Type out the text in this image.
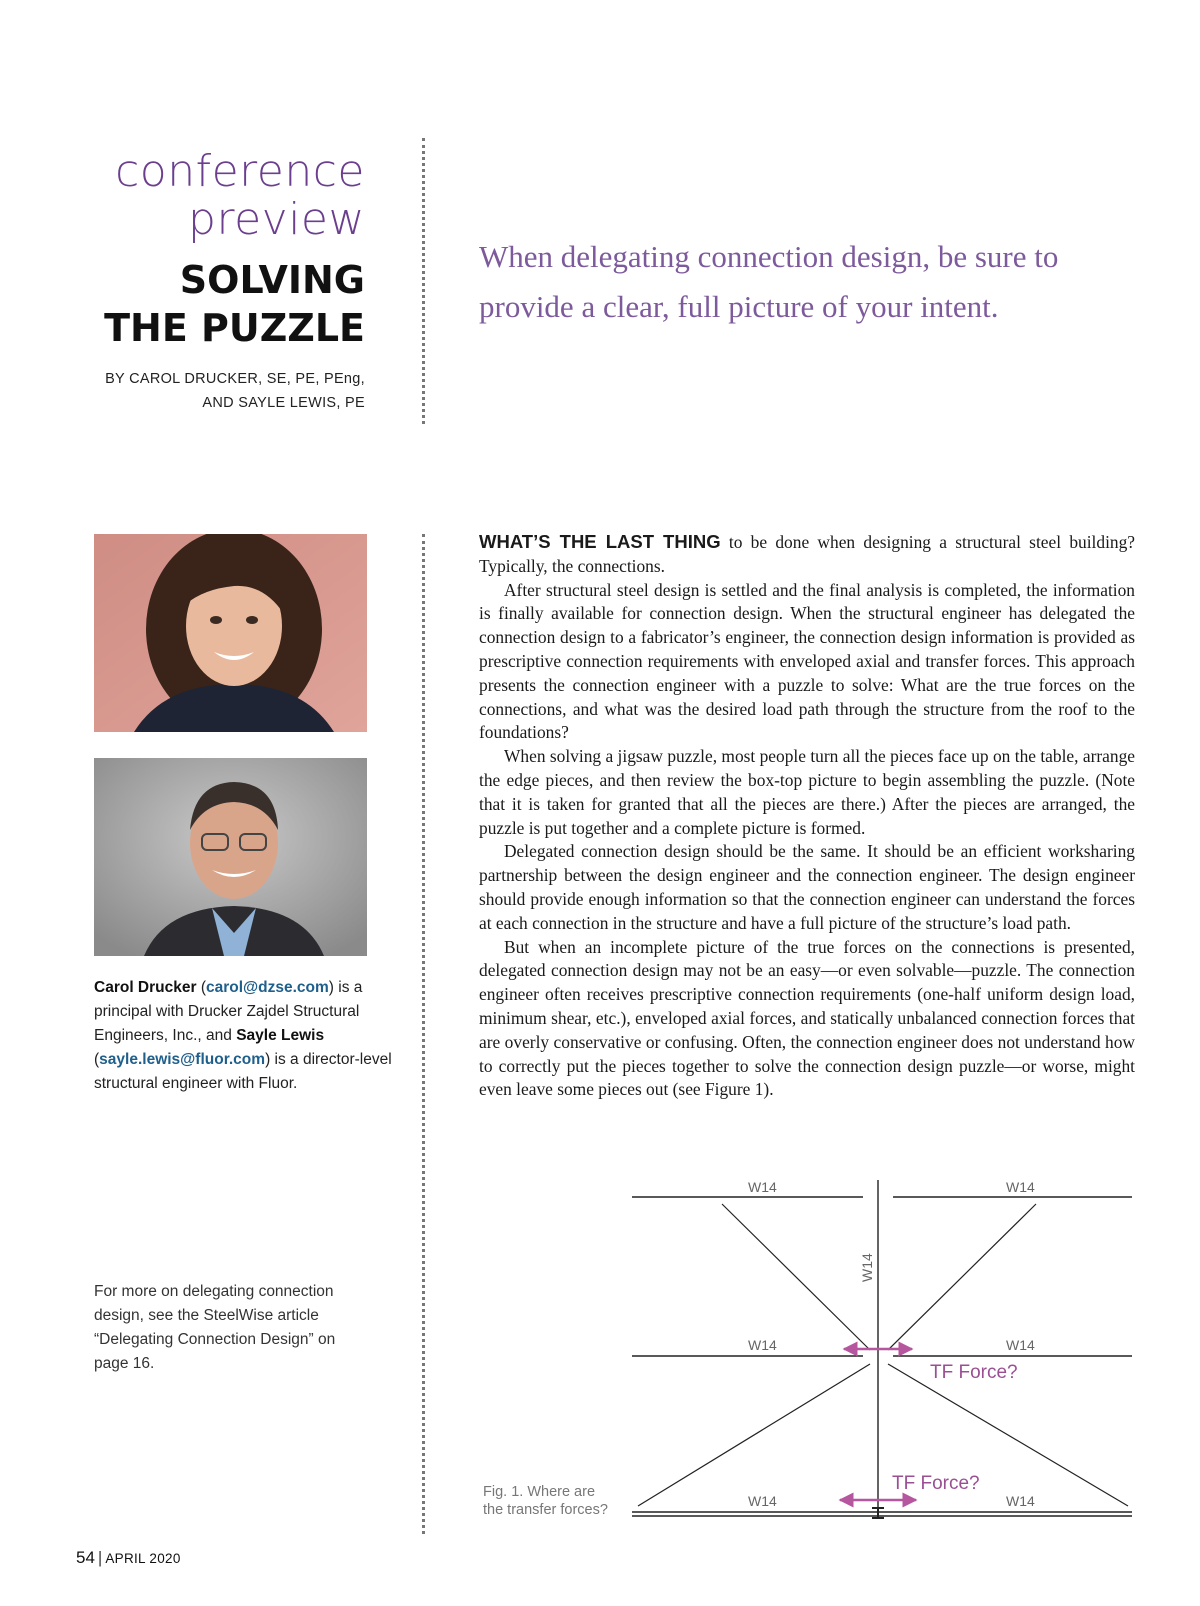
conference
preview
SOLVING
THE PUZZLE
BY CAROL DRUCKER, SE, PE, PEng,
AND SAYLE LEWIS, PE
When delegating connection design, be sure to provide a clear, full picture of your intent.
Carol Drucker (carol@dzse.com) is a principal with Drucker Zajdel Structural Engineers, Inc., and Sayle Lewis (sayle.lewis@fluor.com) is a director-level structural engineer with Fluor.
For more on delegating connection design, see the SteelWise article “Delegating Connection Design” on page 16.

WHAT’S THE LAST THING to be done when designing a structural steel building? Typically, the connections.

After structural steel design is settled and the final analysis is completed, the information is finally available for connection design. When the structural engineer has delegated the connection design to a fabricator’s engineer, the connection design information is provided as prescriptive connection requirements with enveloped axial and transfer forces. This approach presents the connection engineer with a puzzle to solve: What are the true forces on the connections, and what was the desired load path through the structure from the roof to the foundations?

When solving a jigsaw puzzle, most people turn all the pieces face up on the table, arrange the edge pieces, and then review the box-top picture to begin assembling the puzzle. (Note that it is taken for granted that all the pieces are there.) After the pieces are arranged, the puzzle is put together and a complete picture is formed.

Delegated connection design should be the same. It should be an efficient worksharing partnership between the design engineer and the connection engineer. The design engineer should provide enough information so that the connection engineer can understand the forces at each connection in the structure and have a full picture of the structure’s load path.

But when an incomplete picture of the true forces on the connections is presented, delegated connection design may not be an easy—or even solvable—puzzle. The connection engineer often receives prescriptive connection requirements (one-half uniform design load, minimum shear, etc.), enveloped axial forces, and statically unbalanced connection forces that are overly conservative or confusing. Often, the connection engineer does not understand how to correctly put the pieces together to solve the connection design puzzle—or worse, might even leave some pieces out (see Figure 1).

W14	W14
W14	W14
W14	W14
W14
TF Force?
TF Force?
Fig. 1. Where are
the transfer forces?
54 | APRIL 2020
